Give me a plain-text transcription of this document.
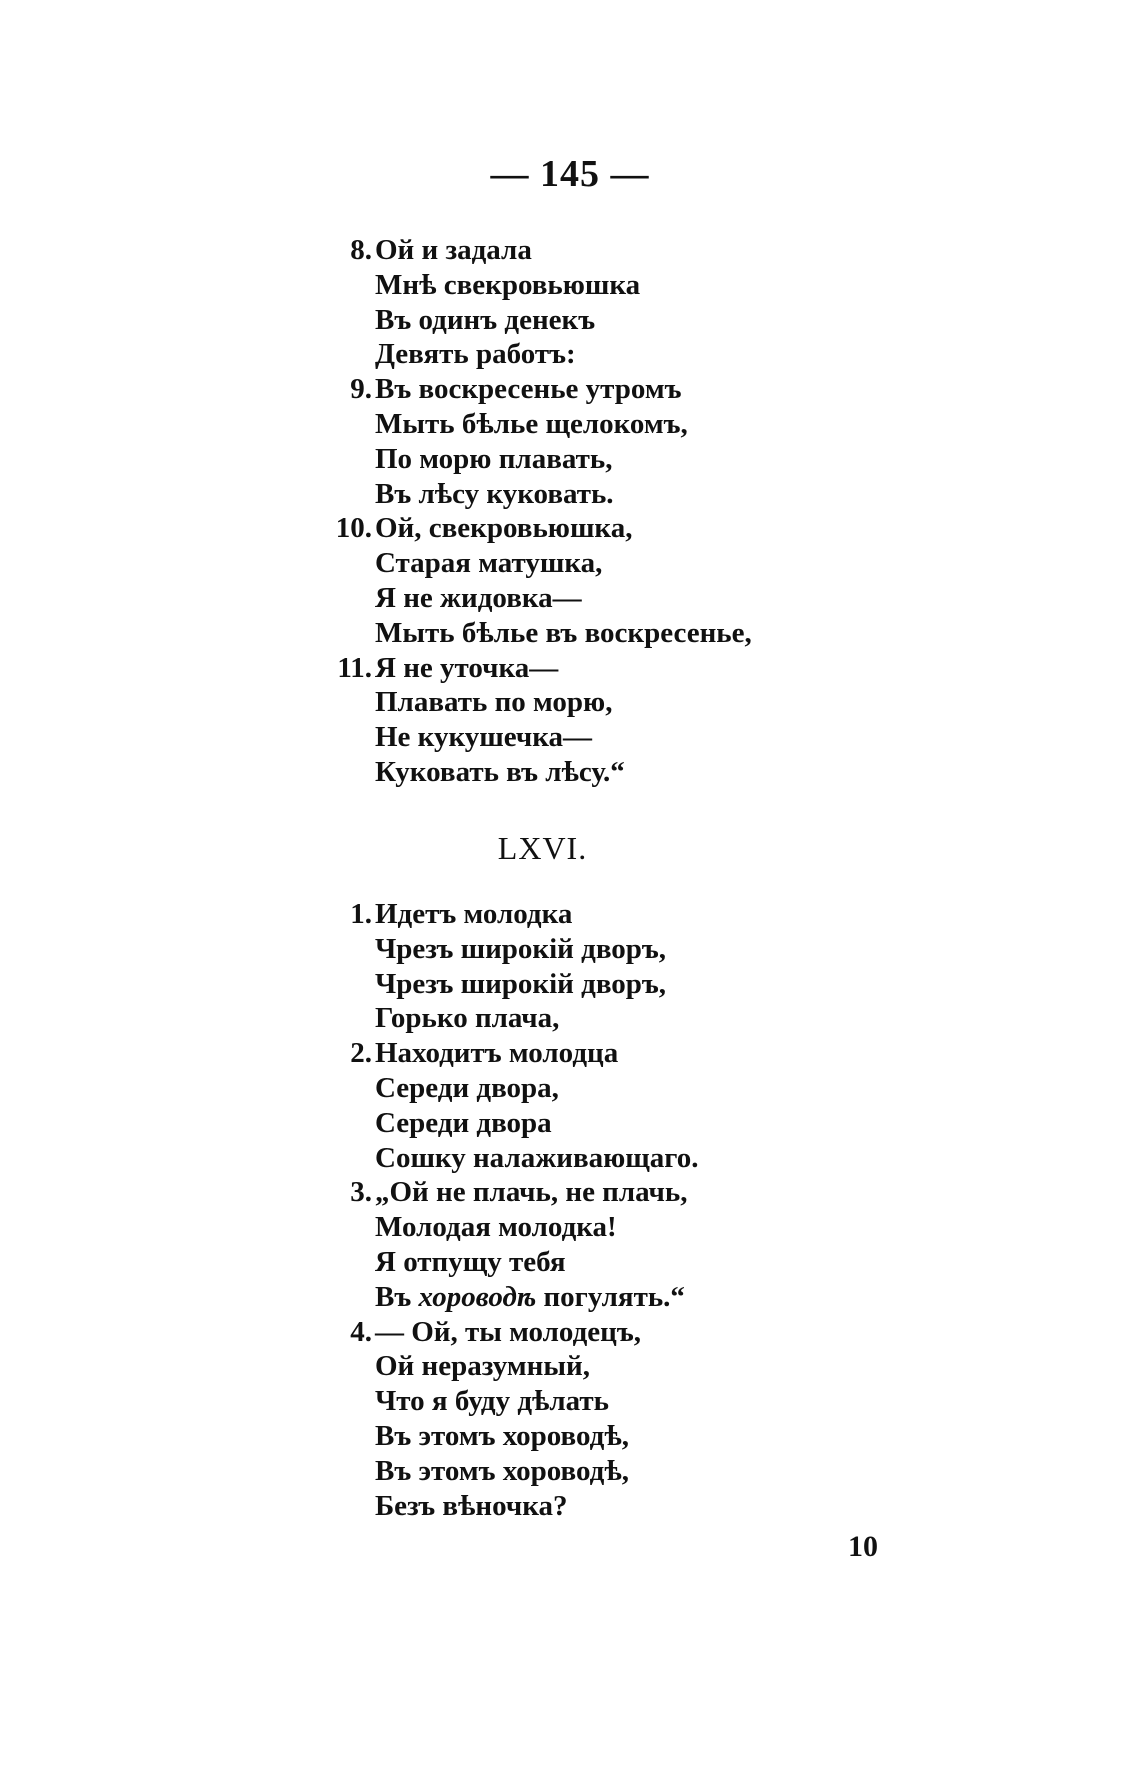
— 145 —
8. Ой и задала
Мнѣ свекровьюшка
Въ одинъ денекъ
Девять работъ:
9. Въ воскресенье утромъ
Мыть бѣлье щелокомъ,
По морю плавать,
Въ лѣсу куковать.
10. Ой, свекровьюшка,
Старая матушка,
Я не жидовка—
Мыть бѣлье въ воскресенье,
11. Я не уточка—
Плавать по морю,
Не кукушечка—
Куковать въ лѣсу.“
LXVI.
1. Идетъ молодка
Чрезъ широкій дворъ,
Чрезъ широкій дворъ,
Горько плача,
2. Находитъ молодца
Середи двора,
Середи двора
Сошку налаживающаго.
3. „Ой не плачь, не плачь,
Молодая молодка!
Я отпущу тебя
Въ хороводѣ погулять.“
4. — Ой, ты молодецъ,
Ой неразумный,
Что я буду дѣлать
Въ этомъ хороводѣ,
Въ этомъ хороводѣ,
Безъ вѣночка?
10
